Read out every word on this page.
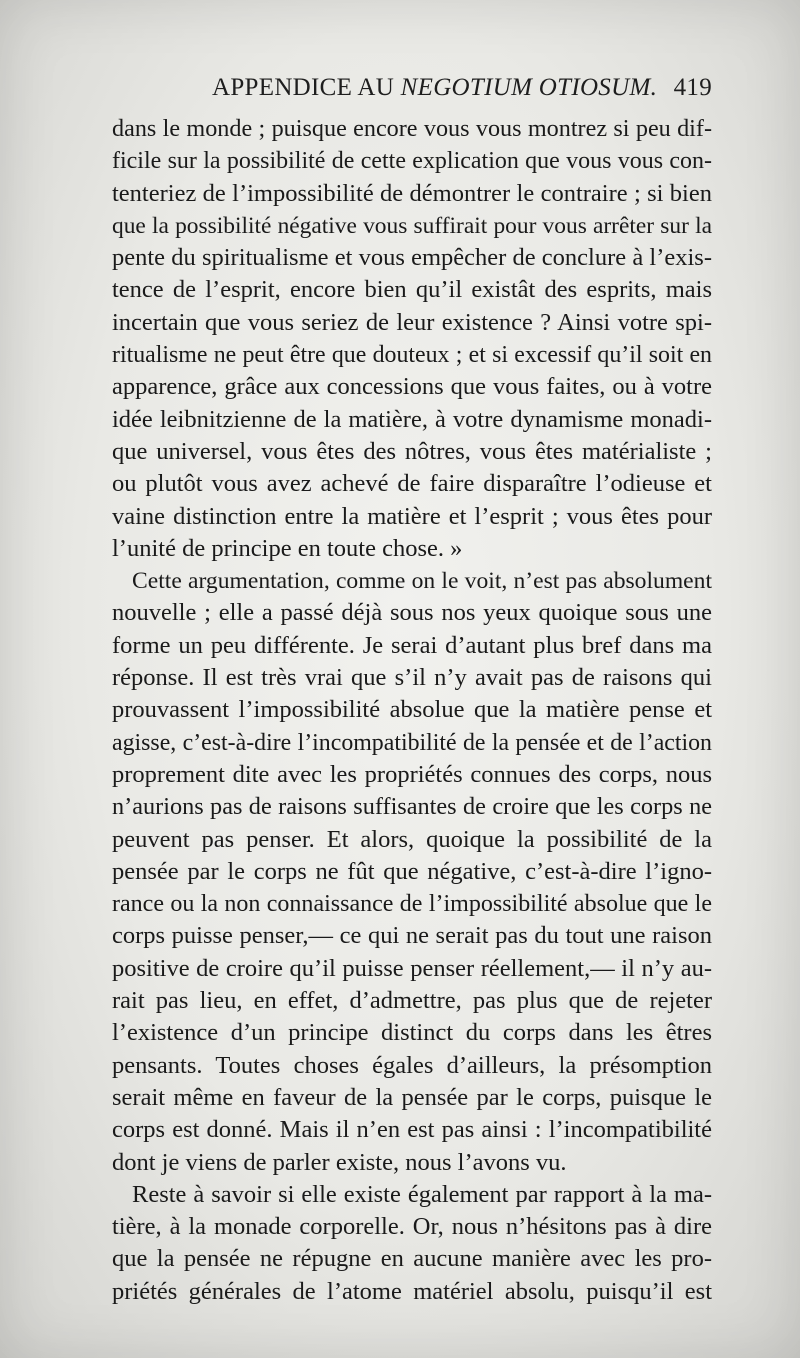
APPENDICE AU NEGOTIUM OTIOSUM. 419
dans le monde ; puisque encore vous vous montrez si peu dif-
ficile sur la possibilité de cette explication que vous vous con-
tenteriez de l’impossibilité de démontrer le contraire ; si bien
que la possibilité négative vous suffirait pour vous arrêter sur la
pente du spiritualisme et vous empêcher de conclure à l’exis-
tence de l’esprit, encore bien qu’il existât des esprits, mais
incertain que vous seriez de leur existence ? Ainsi votre spi-
ritualisme ne peut être que douteux ; et si excessif qu’il soit en
apparence, grâce aux concessions que vous faites, ou à votre
idée leibnitzienne de la matière, à votre dynamisme monadi-
que universel, vous êtes des nôtres, vous êtes matérialiste ;
ou plutôt vous avez achevé de faire disparaître l’odieuse et
vaine distinction entre la matière et l’esprit ; vous êtes pour
l’unité de principe en toute chose. »
Cette argumentation, comme on le voit, n’est pas absolument
nouvelle ; elle a passé déjà sous nos yeux quoique sous une
forme un peu différente. Je serai d’autant plus bref dans ma
réponse. Il est très vrai que s’il n’y avait pas de raisons qui
prouvassent l’impossibilité absolue que la matière pense et
agisse, c’est-à-dire l’incompatibilité de la pensée et de l’action
proprement dite avec les propriétés connues des corps, nous
n’aurions pas de raisons suffisantes de croire que les corps ne
peuvent pas penser. Et alors, quoique la possibilité de la
pensée par le corps ne fût que négative, c’est-à-dire l’igno-
rance ou la non connaissance de l’impossibilité absolue que le
corps puisse penser,— ce qui ne serait pas du tout une raison
positive de croire qu’il puisse penser réellement,— il n’y au-
rait pas lieu, en effet, d’admettre, pas plus que de rejeter
l’existence d’un principe distinct du corps dans les êtres
pensants. Toutes choses égales d’ailleurs, la présomption
serait même en faveur de la pensée par le corps, puisque le
corps est donné. Mais il n’en est pas ainsi : l’incompatibilité
dont je viens de parler existe, nous l’avons vu.
Reste à savoir si elle existe également par rapport à la ma-
tière, à la monade corporelle. Or, nous n’hésitons pas à dire
que la pensée ne répugne en aucune manière avec les pro-
priétés générales de l’atome matériel absolu, puisqu’il est
